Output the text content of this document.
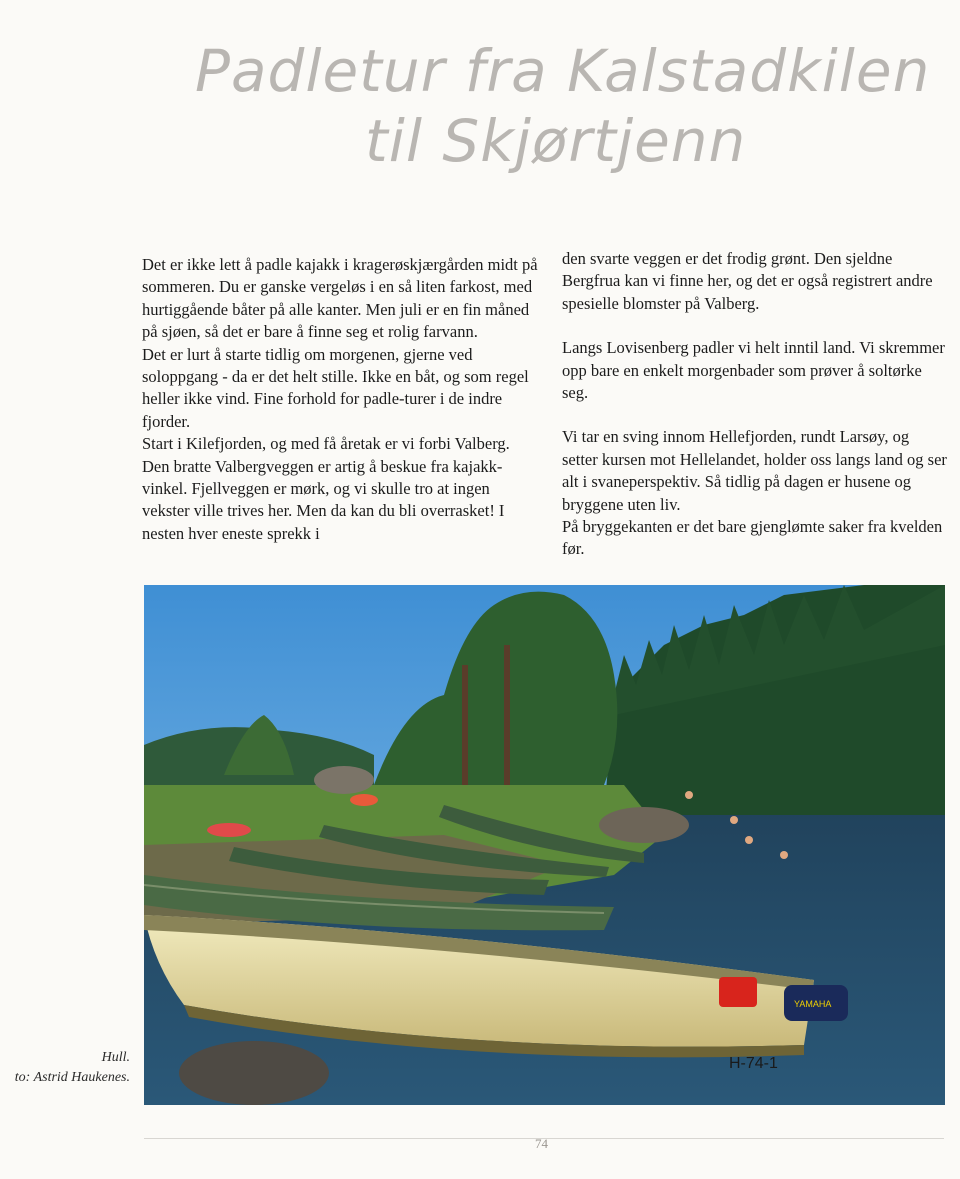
Padletur fra Kalstadkilen
til Skjørtjenn

Det er ikke lett å padle kajakk i kragerøskjærgården midt på sommeren. Du er ganske vergeløs i en så liten farkost, med hurtiggående båter på alle kanter. Men juli er en fin måned på sjøen, så det er bare å finne seg et rolig farvann.

Det er lurt å starte tidlig om morgenen, gjerne ved soloppgang - da er det helt stille. Ikke en båt, og som regel heller ikke vind. Fine forhold for padle-turer i de indre fjorder.

Start i Kilefjorden, og med få åretak er vi forbi Valberg. Den bratte Valbergveggen er artig å beskue fra kajakk-vinkel. Fjellveggen er mørk, og vi skulle tro at ingen vekster ville trives her. Men da kan du bli overrasket! I nesten hver eneste sprekk i

den svarte veggen er det frodig grønt. Den sjeldne Bergfrua kan vi finne her, og det er også registrert andre spesielle blomster på Valberg.

Langs Lovisenberg padler vi helt inntil land. Vi skremmer opp bare en enkelt morgenbader som prøver å soltørke seg.

Vi tar en sving innom Hellefjorden, rundt Larsøy, og setter kursen mot Hellelandet, holder oss langs land og ser alt i svaneperspektiv. Så tidlig på dagen er husene og bryggene uten liv.

På bryggekanten er det bare gjenglømte saker fra kvelden før.

YAMAHA
H-74-1
Hull.
to: Astrid Haukenes.
74
